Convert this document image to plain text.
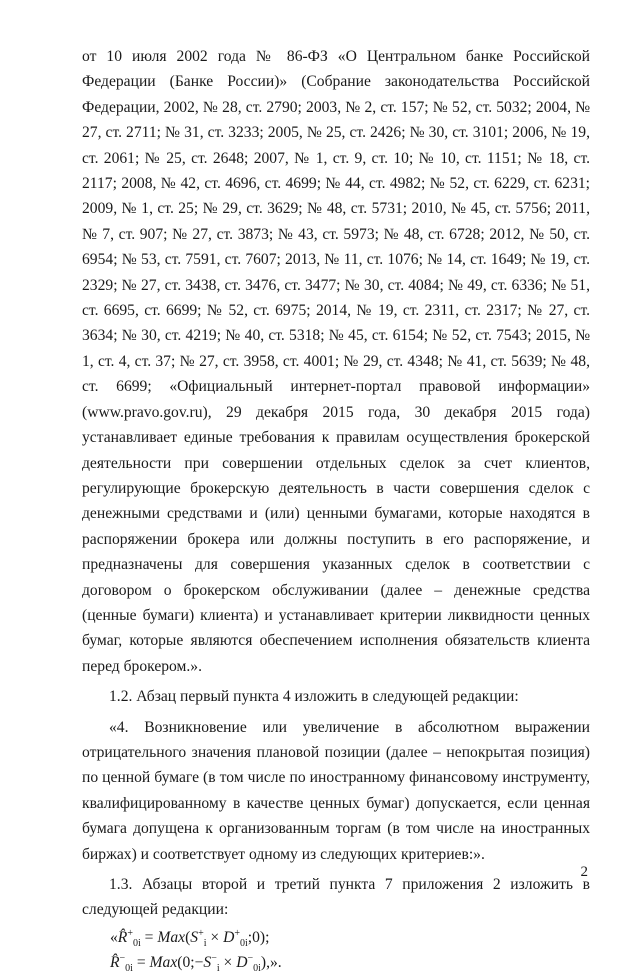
от 10 июля 2002 года № 86-ФЗ «О Центральном банке Российской Федерации (Банке России)» (Собрание законодательства Российской Федерации, 2002, № 28, ст. 2790; 2003, № 2, ст. 157; № 52, ст. 5032; 2004, № 27, ст. 2711; № 31, ст. 3233; 2005, № 25, ст. 2426; № 30, ст. 3101; 2006, № 19, ст. 2061; № 25, ст. 2648; 2007, № 1, ст. 9, ст. 10; № 10, ст. 1151; № 18, ст. 2117; 2008, № 42, ст. 4696, ст. 4699; № 44, ст. 4982; № 52, ст. 6229, ст. 6231; 2009, № 1, ст. 25; № 29, ст. 3629; № 48, ст. 5731; 2010, № 45, ст. 5756; 2011, № 7, ст. 907; № 27, ст. 3873; № 43, ст. 5973; № 48, ст. 6728; 2012, № 50, ст. 6954; № 53, ст. 7591, ст. 7607; 2013, № 11, ст. 1076; № 14, ст. 1649; № 19, ст. 2329; № 27, ст. 3438, ст. 3476, ст. 3477; № 30, ст. 4084; № 49, ст. 6336; № 51, ст. 6695, ст. 6699; № 52, ст. 6975; 2014, № 19, ст. 2311, ст. 2317; № 27, ст. 3634; № 30, ст. 4219; № 40, ст. 5318; № 45, ст. 6154; № 52, ст. 7543; 2015, № 1, ст. 4, ст. 37; № 27, ст. 3958, ст. 4001; № 29, ст. 4348; № 41, ст. 5639; № 48, ст. 6699; «Официальный интернет-портал правовой информации» (www.pravo.gov.ru), 29 декабря 2015 года, 30 декабря 2015 года) устанавливает единые требования к правилам осуществления брокерской деятельности при совершении отдельных сделок за счет клиентов, регулирующие брокерскую деятельность в части совершения сделок с денежными средствами и (или) ценными бумагами, которые находятся в распоряжении брокера или должны поступить в его распоряжение, и предназначены для совершения указанных сделок в соответствии с договором о брокерском обслуживании (далее – денежные средства (ценные бумаги) клиента) и устанавливает критерии ликвидности ценных бумаг, которые являются обеспечением исполнения обязательств клиента перед брокером.».

1.2. Абзац первый пункта 4 изложить в следующей редакции:

«4. Возникновение или увеличение в абсолютном выражении отрицательного значения плановой позиции (далее – непокрытая позиция) по ценной бумаге (в том числе по иностранному финансовому инструменту, квалифицированному в качестве ценных бумаг) допускается, если ценная бумага допущена к организованным торгам (в том числе на иностранных биржах) и соответствует одному из следующих критериев:».

1.3. Абзацы второй и третий пункта 7 приложения 2 изложить в следующей редакции:

«$R̂^+_{0i} = Max(S^+_i$ × $D^+_{0i};0$);
$R̂^-_{0i}$ = $Max(0;-S^-_i \times D^-_{0i})$,».
2
